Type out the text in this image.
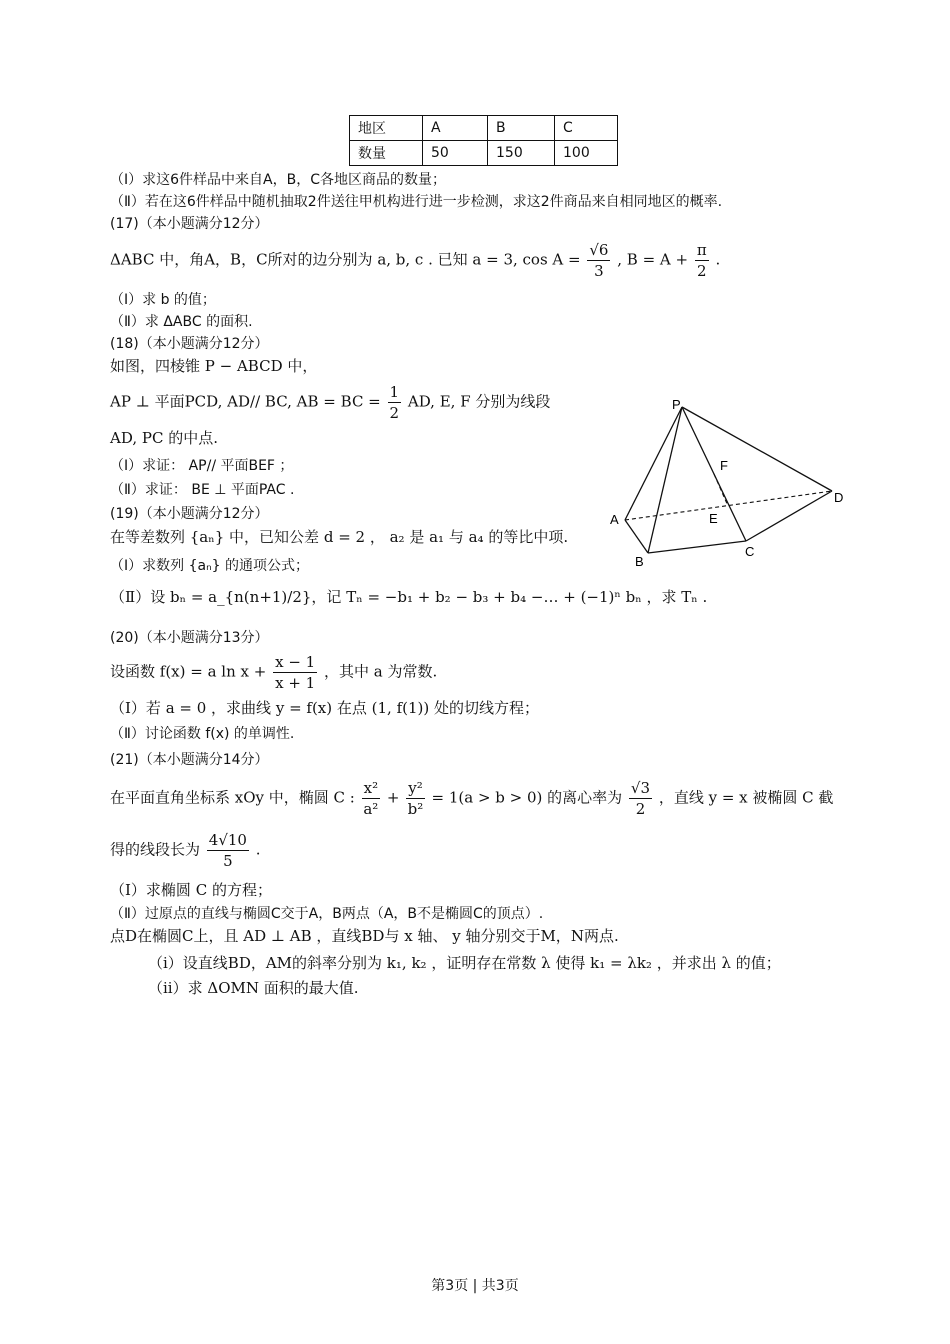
地区	A	B	C
数量	50	150	100
（Ⅰ）求这6件样品中来自A，B，C各地区商品的数量；
（Ⅱ）若在这6件样品中随机抽取2件送往甲机构进行进一步检测，求这2件商品来自相同地区的概率.
(17)（本小题满分12分）
ΔABC 中，角A，B，C所对的边分别为 a, b, c . 已知 a = 3, $\cos A = \frac{√6}{3}$ , $B = A + \frac{\pi}{2}$ .
（Ⅰ）求 b 的值；
（Ⅱ）求 ΔABC 的面积.
(18)（本小题满分12分）
如图，四棱锥 P − ABCD 中，
AP ⊥ 平面PCD, AD// BC, AB = BC = $\frac{1}{2}$ AD, E, F 分别为线段
AD, PC 的中点.
（Ⅰ）求证： AP// 平面BEF ；
（Ⅱ）求证： BE ⊥ 平面PAC .
P
F
D
A	E
B
C
(19)（本小题满分12分）
在等差数列 {aₙ} 中，已知公差 d = 2 ， a₂ 是 a₁ 与 a₄ 的等比中项.
（Ⅰ）求数列 {aₙ} 的通项公式；
（Ⅱ）设 bₙ = a_{n(n+1)/2}，记 Tₙ = −b₁ + b₂ − b₃ + b₄ −… + (−1)ⁿ bₙ ，求 Tₙ .
(20)（本小题满分13分）
设函数 f(x) = a $\ln x + \frac{x - 1}{x + 1}$ ，其中 a 为常数.
（Ⅰ）若 a = 0 ，求曲线 y = f(x) 在点 (1, f(1)) 处的切线方程；
（Ⅱ）讨论函数 f(x) 的单调性.
(21)（本小题满分14分）
在平面直角坐标系 xOy 中，椭圆 C : $\frac{\text{x²}}{\text{a²}} + \frac{\text{y²}}{\text{b²}} = 1(a > b > 0)$ 的离心率为 $\frac{√3}{2}$ ，直线 y = x 被椭圆 C 截
得的线段长为 $\frac{4√10}{5}$ .
（Ⅰ）求椭圆 C 的方程；
（Ⅱ）过原点的直线与椭圆C交于A，B两点（A，B不是椭圆C的顶点）.
点D在椭圆C上，且 AD ⊥ AB ，直线BD与 x 轴、 y 轴分别交于M，N两点.
（i）设直线BD，AM的斜率分别为 k₁, k₂ ，证明存在常数 λ 使得 k₁ = λk₂ ，并求出 λ 的值；
（ii）求 ΔOMN 面积的最大值.
第3页 | 共3页
